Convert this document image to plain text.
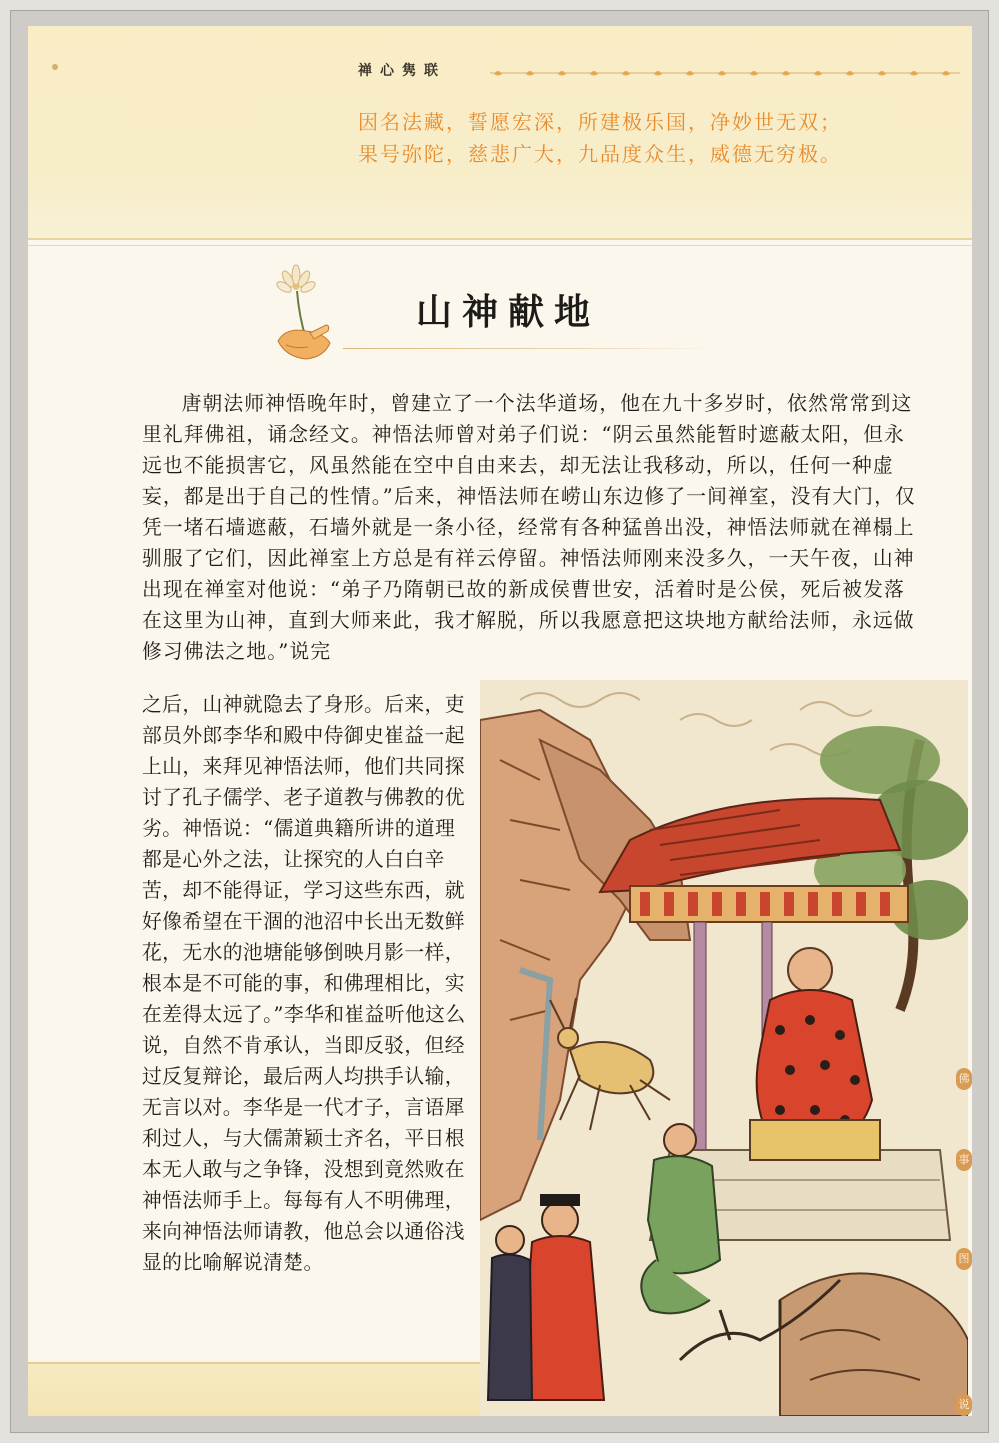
禅心隽联
因名法藏，誓愿宏深，所建极乐国，净妙世无双；
果号弥陀，慈悲广大，九品度众生，威德无穷极。
山神献地

唐朝法师神悟晚年时，曾建立了一个法华道场，他在九十多岁时，依然常常到这里礼拜佛祖，诵念经文。神悟法师曾对弟子们说：“阴云虽然能暂时遮蔽太阳，但永远也不能损害它，风虽然能在空中自由来去，却无法让我移动，所以，任何一种虚妄，都是出于自己的性情。”后来，神悟法师在崂山东边修了一间禅室，没有大门，仅凭一堵石墙遮蔽，石墙外就是一条小径，经常有各种猛兽出没，神悟法师就在禅榻上驯服了它们，因此禅室上方总是有祥云停留。神悟法师刚来没多久，一天午夜，山神出现在禅室对他说：“弟子乃隋朝已故的新成侯曹世安，活着时是公侯，死后被发落在这里为山神，直到大师来此，我才解脱，所以我愿意把这块地方献给法师，永远做修习佛法之地。”说完

之后，山神就隐去了身形。后来，吏部员外郎李华和殿中侍御史崔益一起上山，来拜见神悟法师，他们共同探讨了孔子儒学、老子道教与佛教的优劣。神悟说：“儒道典籍所讲的道理都是心外之法，让探究的人白白辛苦，却不能得证，学习这些东西，就好像希望在干涸的池沼中长出无数鲜花，无水的池塘能够倒映月影一样，根本是不可能的事，和佛理相比，实在差得太远了。”李华和崔益听他这么说，自然不肯承认，当即反驳，但经过反复辩论，最后两人均拱手认输，无言以对。李华是一代才子，言语犀利过人，与大儒萧颖士齐名，平日根本无人敢与之争锋，没想到竟然败在神悟法师手上。每每有人不明佛理，来向神悟法师请教，他总会以通俗浅显的比喻解说清楚。

佛
事
图
说
